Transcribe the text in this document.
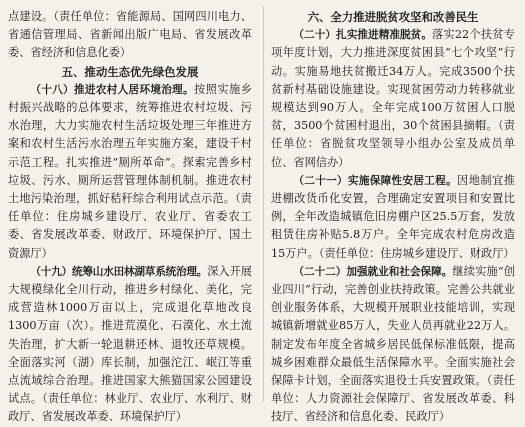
点建设。（责任单位：省能源局、国网四川电力、省通信管理局、省新闻出版广电局、省发展改革委、省经济和信息化委）

五、推动生态优先绿色发展

（十八）推进农村人居环境治理。按照实施乡村振兴战略的总体要求，统筹推进农村垃圾、污水治理，大力实施农村生活垃圾处理三年推进方案和农村生活污水治理五年实施方案，建设千村示范工程。扎实推进“厕所革命”。探索完善乡村垃圾、污水、厕所运营管理体制机制。推进农村土地污染治理，抓好秸秆综合利用试点示范。（责任单位：住房城乡建设厅、农业厅、省委农工委、省发展改革委、财政厅、环境保护厅、国土资源厅）

（十九）统筹山水田林湖草系统治理。深入开展大规模绿化全川行动，推进乡村绿化、美化，完成营造林1000万亩以上，完成退化草地改良1300万亩（次）。推进荒漠化、石漠化、水土流失治理，扩大新一轮退耕还林、退牧还草规模。全面落实河（湖）库长制，加强沱江、岷江等重点流域综合治理。推进国家大熊猫国家公园建设试点。（责任单位：林业厅、农业厅、水利厅、财政厅、省发展改革委、环境保护厅）

六、全力推进脱贫攻坚和改善民生

（二十）扎实推进精准脱贫。落实22个扶贫专项年度计划，大力推进深度贫困县“七个攻坚”行动。实施易地扶贫搬迁34万人。完成3500个扶贫新村基础设施建设。实现贫困劳动力转移就业规模达到90万人。全年完成100万贫困人口脱贫，3500个贫困村退出，30个贫困县摘帽。（责任单位：省脱贫攻坚领导小组办公室及成员单位、省网信办）

（二十一）实施保障性安居工程。因地制宜推进棚改货币化安置，合理确定安置项目和安置比例，全年改造城镇危旧房棚户区25.5万套，发放租赁住房补贴5.8万户。全年完成农村危房改造15万户。（责任单位：住房城乡建设厅、财政厅）

（二十二）加强就业和社会保障。继续实施“创业四川”行动，完善创业扶持政策。完善公共就业创业服务体系，大规模开展职业技能培训，实现城镇新增就业85万人，失业人员再就业22万人。制定发布年度全省城乡居民低保标准低限，提高城乡困难群众最低生活保障水平。全面实施社会保障卡计划，全面落实退役士兵安置政策。（责任单位：人力资源社会保障厅、省发展改革委、科技厅、省经济和信息化委、民政厅）
